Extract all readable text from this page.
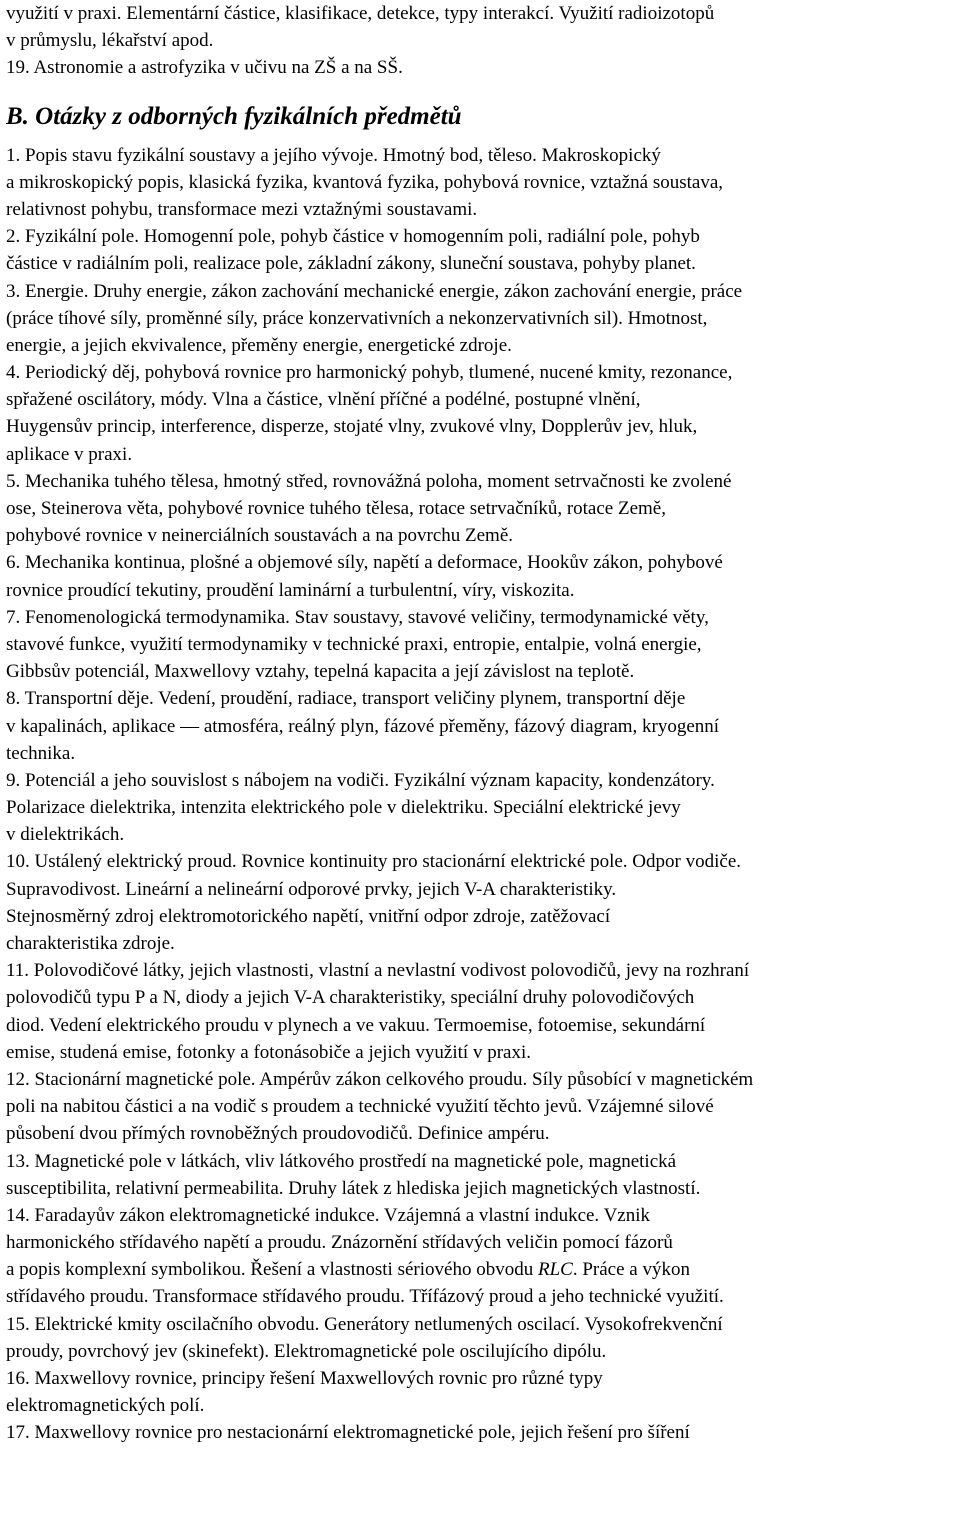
využití v praxi. Elementární částice, klasifikace, detekce, typy interakcí. Využití radioizotopů
v průmyslu, lékařství apod.
19. Astronomie a astrofyzika v učivu na ZŠ a na SŠ.
B. Otázky z odborných fyzikálních předmětů
1. Popis stavu fyzikální soustavy a jejího vývoje. Hmotný bod, těleso. Makroskopický
a mikroskopický popis, klasická fyzika, kvantová fyzika, pohybová rovnice, vztažná soustava,
relativnost pohybu, transformace mezi vztažnými soustavami.
2. Fyzikální pole. Homogenní pole, pohyb částice v homogenním poli, radiální pole, pohyb
částice v radiálním poli, realizace pole, základní zákony, sluneční soustava, pohyby planet.
3. Energie. Druhy energie, zákon zachování mechanické energie, zákon zachování energie, práce
(práce tíhové síly, proměnné síly, práce konzervativních a nekonzervativních sil). Hmotnost,
energie, a jejich ekvivalence, přeměny energie, energetické zdroje.
4. Periodický děj, pohybová rovnice pro harmonický pohyb, tlumené, nucené kmity, rezonance,
spřažené oscilátory, módy. Vlna a částice, vlnění příčné a podélné, postupné vlnění,
Huygensův princip, interference, disperze, stojaté vlny, zvukové vlny, Dopplerův jev, hluk,
aplikace v praxi.
5. Mechanika tuhého tělesa, hmotný střed, rovnovážná poloha, moment setrvačnosti ke zvolené
ose, Steinerova věta, pohybové rovnice tuhého tělesa, rotace setrvačníků, rotace Země,
pohybové rovnice v neinerciálních soustavách a na povrchu Země.
6. Mechanika kontinua, plošné a objemové síly, napětí a deformace, Hookův zákon, pohybové
rovnice proudící tekutiny, proudění laminární a turbulentní, víry, viskozita.
7. Fenomenologická termodynamika. Stav soustavy, stavové veličiny, termodynamické věty,
stavové funkce, využití termodynamiky v technické praxi, entropie, entalpie, volná energie,
Gibbsův potenciál, Maxwellovy vztahy, tepelná kapacita a její závislost na teplotě.
8. Transportní děje. Vedení, proudění, radiace, transport veličiny plynem, transportní děje
v kapalinách, aplikace — atmosféra, reálný plyn, fázové přeměny, fázový diagram, kryogenní
technika.
9. Potenciál a jeho souvislost s nábojem na vodiči. Fyzikální význam kapacity, kondenzátory.
Polarizace dielektrika, intenzita elektrického pole v dielektriku. Speciální elektrické jevy
v dielektrikách.
10. Ustálený elektrický proud. Rovnice kontinuity pro stacionární elektrické pole. Odpor vodiče.
Supravodivost. Lineární a nelineární odporové prvky, jejich V-A charakteristiky.
Stejnosměrný zdroj elektromotorického napětí, vnitřní odpor zdroje, zatěžovací
charakteristika zdroje.
11. Polovodičové látky, jejich vlastnosti, vlastní a nevlastní vodivost polovodičů, jevy na rozhraní
polovodičů typu P a N, diody a jejich V-A charakteristiky, speciální druhy polovodičových
diod. Vedení elektrického proudu v plynech a ve vakuu. Termoemise, fotoemise, sekundární
emise, studená emise, fotonky a fotonásobiče a jejich využití v praxi.
12. Stacionární magnetické pole. Ampérův zákon celkového proudu. Síly působící v magnetickém
poli na nabitou částici a na vodič s proudem a technické využití těchto jevů. Vzájemné silové
působení dvou přímých rovnoběžných proudovodičů. Definice ampéru.
13. Magnetické pole v látkách, vliv látkového prostředí na magnetické pole, magnetická
susceptibilita, relativní permeabilita. Druhy látek z hlediska jejich magnetických vlastností.
14. Faradayův zákon elektromagnetické indukce. Vzájemná a vlastní indukce. Vznik
harmonického střídavého napětí a proudu. Znázornění střídavých veličin pomocí fázorů
a popis komplexní symbolikou. Řešení a vlastnosti sériového obvodu RLC. Práce a výkon
střídavého proudu. Transformace střídavého proudu. Třífázový proud a jeho technické využití.
15. Elektrické kmity oscilačního obvodu. Generátory netlumených oscilací. Vysokofrekvenční
proudy, povrchový jev (skinefekt). Elektromagnetické pole oscilujícího dipólu.
16. Maxwellovy rovnice, principy řešení Maxwellových rovnic pro různé typy
elektromagnetických polí.
17. Maxwellovy rovnice pro nestacionární elektromagnetické pole, jejich řešení pro šíření
